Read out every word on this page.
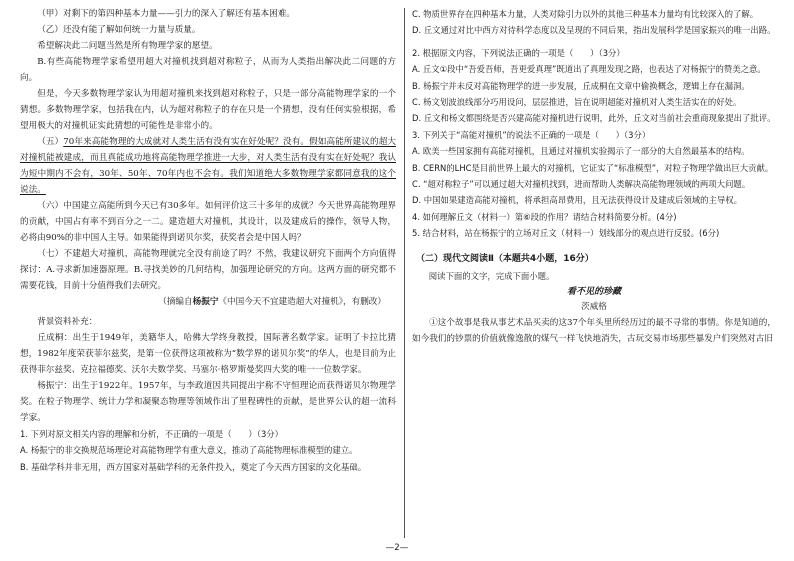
（甲）对剩下的第四种基本力量——引力的深入了解还有基本困难。

（乙）还没有能了解如何统一力量与质量。

希望解决此二问题当然是所有物理学家的愿望。

B.有些高能物理学家希望用超大对撞机找到超对称粒子，从而为人类指出解决此二问题的方向。

但是，今天多数物理学家认为用超对撞机来找到超对称粒子，只是一部分高能物理学家的一个猜想。多数物理学家，包括我在内，认为超对称粒子的存在只是一个猜想，没有任何实验根据，希望用极大的对撞机证实此猜想的可能性是非常小的。

（五）70年来高能物理的大成就对人类生活有没有实在好处呢？没有。假如高能所建议的超大对撞机能被建成，而且真能成功地将高能物理学推进一大步，对人类生活有没有实在好处呢？我认为短中期内不会有，30年、50年、70年内也不会有。我们知道绝大多数物理学家都同意我的这个说法。

（六）中国建立高能所到今天已有30多年。如何评价这三十多年的成就？今天世界高能物理界的贡献，中国占有率不到百分之一二。建造超大对撞机，其设计，以及建成后的操作，领导人物，必将由90%的非中国人主导。如果能得到诺贝尔奖，获奖者会是中国人吗？

（七）不建超大对撞机，高能物理就完全没有前途了吗？不然，我建议研究下面两个方向值得探讨：A.寻求新加速器原理。B.寻找美妙的几何结构，加强理论研究的方向。这两方面的研究都不需要花钱，目前十分值得我们去研究。

（摘编自杨振宁《中国今天不宜建造超大对撞机》，有删改）

背景资料补充：

丘成桐：出生于1949年，美籍华人，哈佛大学终身教授，国际著名数学家。证明了卡拉比猜想，1982年度荣获菲尔兹奖，是第一位获得这项被称为“数学界的诺贝尔奖”的华人，也是目前为止获得菲尔兹奖、克拉福德奖、沃尔夫数学奖、马塞尔·格罗斯曼奖四大奖的唯一一位数学家。

杨振宁：出生于1922年。1957年，与李政道因共同提出宇称不守恒理论而获得诺贝尔物理学奖。在粒子物理学、统计力学和凝聚态物理等领域作出了里程碑性的贡献，是世界公认的超一流科学家。

1. 下列对原文相关内容的理解和分析，不正确的一项是（　　）（3分）

A. 杨振宁的非交换规范场理论对高能物理学有重大意义，推动了高能物理标准模型的建立。

B. 基础学科并非无用，西方国家对基础学科的无条件投入，奠定了今天西方国家的文化基础。

C. 物质世界存在四种基本力量，人类对除引力以外的其他三种基本力量均有比较深入的了解。

D. 丘文通过对比中西方对待科学态度以及呈现的不同后果，指出发展科学是国家振兴的唯一出路。

2. 根据原文内容，下列说法正确的一项是（　　）（3分）

A. 丘文①段中“吾爱吾师，吾更爱真理”既道出了真理发现之路，也表达了对杨振宁的赞美之意。

B. 杨振宁并未反对高能物理学的进一步发展，丘成桐在文章中偷换概念，逻辑上存在漏洞。

C. 杨文划波浪线部分巧用设问，层层推进，旨在说明超能对撞机对人类生活实在的好处。

D. 丘文和杨文都围绕是否兴建高能对撞机进行说明，此外，丘文对当前社会重商现象提出了批评。

3. 下列关于“高能对撞机”的说法不正确的一项是（　　）（3分）

A. 欧美一些国家拥有高能对撞机，且通过对撞机实验揭示了一部分的大自然最基本的结构。

B. CERN的LHC是目前世界上最大的对撞机，它证实了“标准模型”，对粒子物理学做出巨大贡献。

C. “超对称粒子”可以通过超大对撞机找到，进而帮助人类解决高能物理领域的两项大问题。

D. 中国如果建造高能对撞机，将承担高昂费用，且无法获得设计及建成后领域的主导权。

4. 如何理解丘文（材料一）第⑥段的作用？请结合材料简要分析。(4分)

5. 结合材料，站在杨振宁的立场对丘文（材料一）划线部分的观点进行反驳。(6分)

（二）现代文阅读Ⅱ（本题共4小题，16分）

阅读下面的文字，完成下面小题。

看不见的珍藏

茨威格

①这个故事是我从事艺术品买卖的这37个年头里所经历过的最不寻常的事情。你是知道的，如今我们的钞票的价值就像逸散的煤气一样飞快地消失，古玩交易市场那些暴发户们突然对古旧

—2—
